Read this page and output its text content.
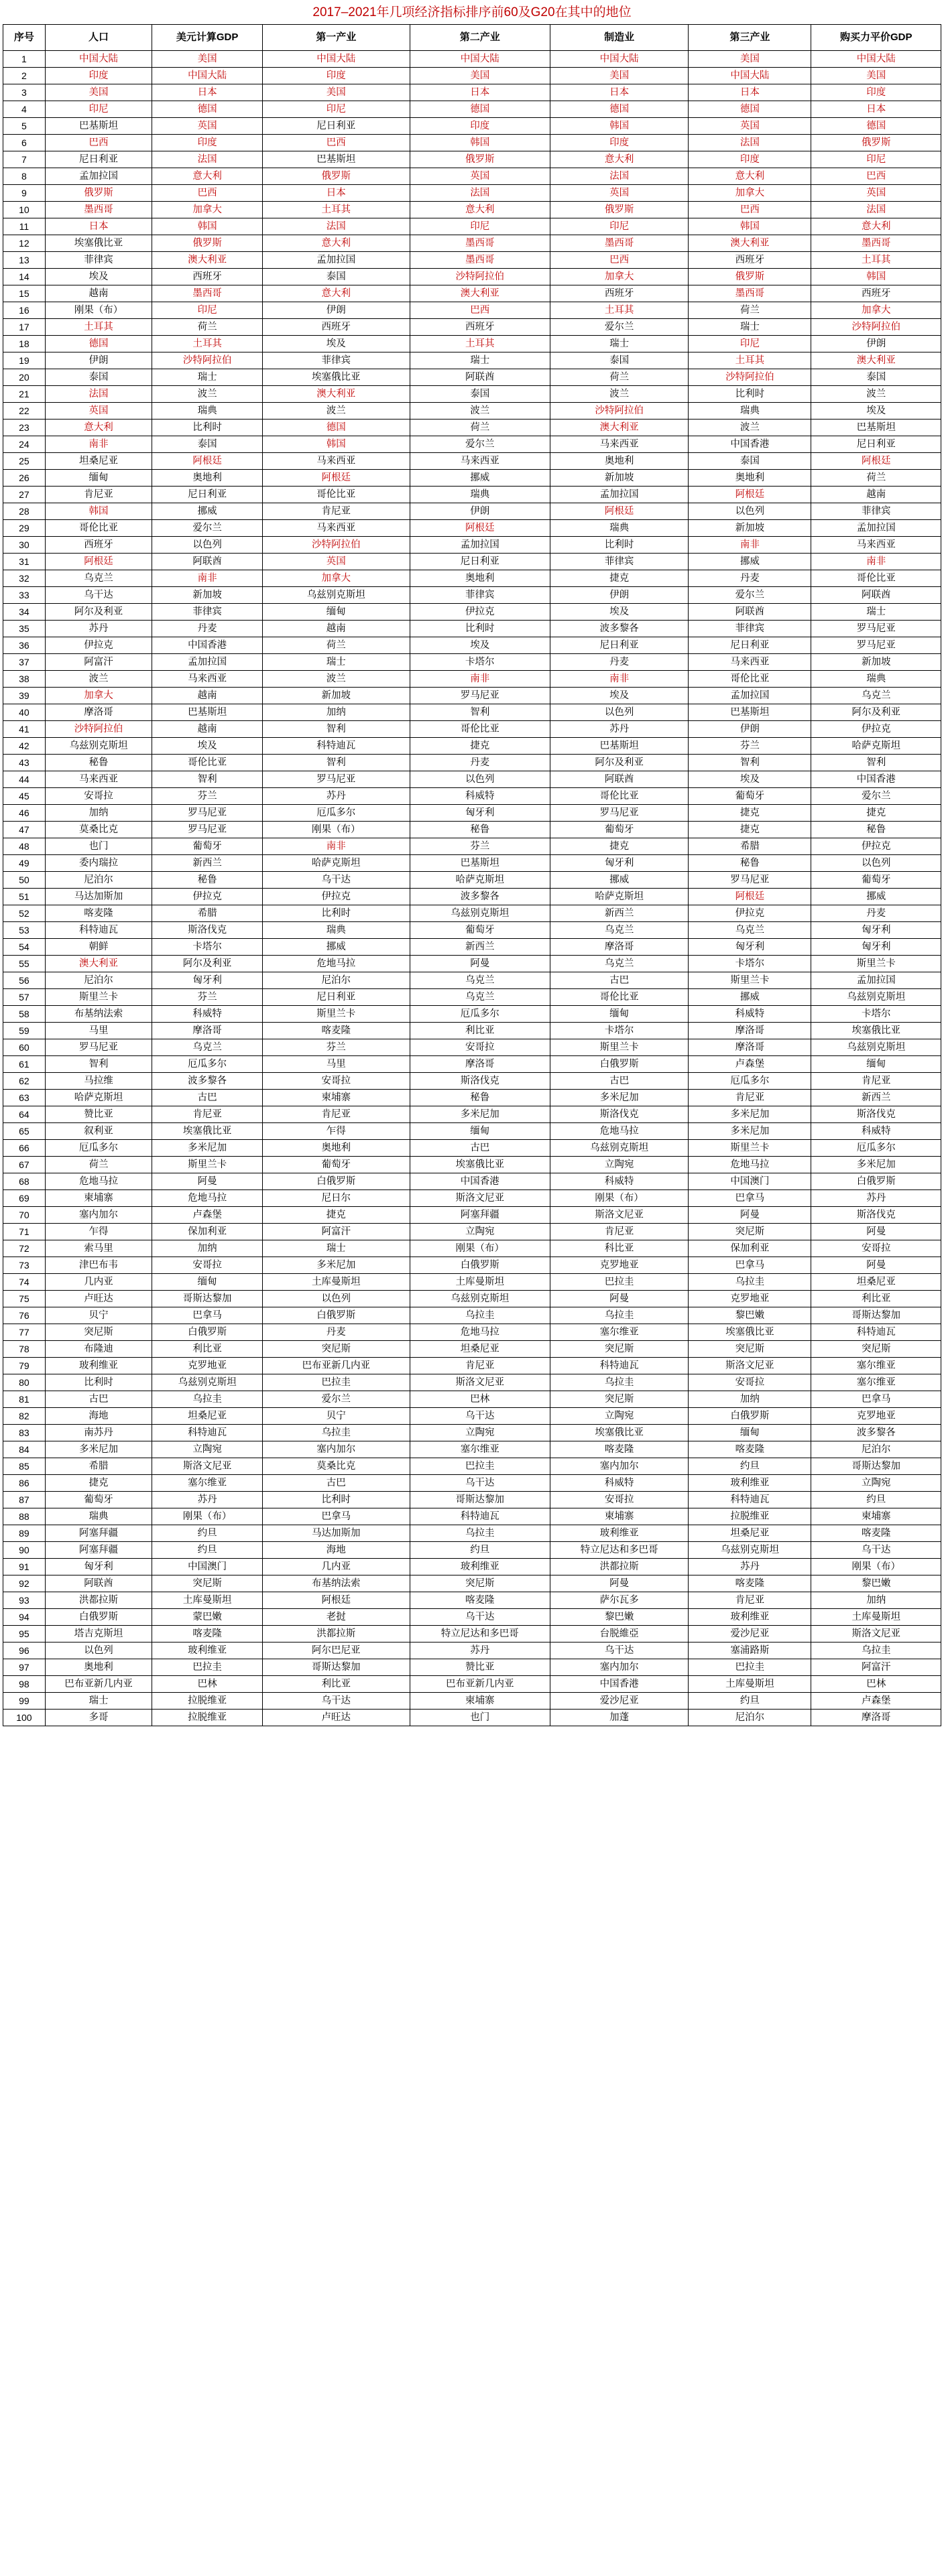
2017–2021年几项经济指标排序前60及G20在其中的地位
序号	人口	美元计算GDP	第一产业	第二产业	制造业	第三产业	购买力平价GDP
1	中国大陆	美国	中国大陆	中国大陆	中国大陆	美国	中国大陆
2	印度	中国大陆	印度	美国	美国	中国大陆	美国
3	美国	日本	美国	日本	日本	日本	印度
4	印尼	德国	印尼	德国	德国	德国	日本
5	巴基斯坦	英国	尼日利亚	印度	韩国	英国	德国
6	巴西	印度	巴西	韩国	印度	法国	俄罗斯
7	尼日利亚	法国	巴基斯坦	俄罗斯	意大利	印度	印尼
8	孟加拉国	意大利	俄罗斯	英国	法国	意大利	巴西
9	俄罗斯	巴西	日本	法国	英国	加拿大	英国
10	墨西哥	加拿大	土耳其	意大利	俄罗斯	巴西	法国
11	日本	韩国	法国	印尼	印尼	韩国	意大利
12	埃塞俄比亚	俄罗斯	意大利	墨西哥	墨西哥	澳大利亚	墨西哥
13	菲律宾	澳大利亚	孟加拉国	墨西哥	巴西	西班牙	土耳其
14	埃及	西班牙	泰国	沙特阿拉伯	加拿大	俄罗斯	韩国
15	越南	墨西哥	意大利	澳大利亚	西班牙	墨西哥	西班牙
16	刚果（布）	印尼	伊朗	巴西	土耳其	荷兰	加拿大
17	土耳其	荷兰	西班牙	西班牙	爱尔兰	瑞士	沙特阿拉伯
18	德国	土耳其	埃及	土耳其	瑞士	印尼	伊朗
19	伊朗	沙特阿拉伯	菲律宾	瑞士	泰国	土耳其	澳大利亚
20	泰国	瑞士	埃塞俄比亚	阿联酋	荷兰	沙特阿拉伯	泰国
21	法国	波兰	澳大利亚	泰国	波兰	比利时	波兰
22	英国	瑞典	波兰	波兰	沙特阿拉伯	瑞典	埃及
23	意大利	比利时	德国	荷兰	澳大利亚	波兰	巴基斯坦
24	南非	泰国	韩国	爱尔兰	马来西亚	中国香港	尼日利亚
25	坦桑尼亚	阿根廷	马来西亚	马来西亚	奥地利	泰国	阿根廷
26	缅甸	奥地利	阿根廷	挪威	新加坡	奥地利	荷兰
27	肯尼亚	尼日利亚	哥伦比亚	瑞典	孟加拉国	阿根廷	越南
28	韩国	挪威	肯尼亚	伊朗	阿根廷	以色列	菲律宾
29	哥伦比亚	爱尔兰	马来西亚	阿根廷	瑞典	新加坡	孟加拉国
30	西班牙	以色列	沙特阿拉伯	孟加拉国	比利时	南非	马来西亚
31	阿根廷	阿联酋	英国	尼日利亚	菲律宾	挪威	南非
32	乌克兰	南非	加拿大	奥地利	捷克	丹麦	哥伦比亚
33	乌干达	新加坡	乌兹别克斯坦	菲律宾	伊朗	爱尔兰	阿联酋
34	阿尔及利亚	菲律宾	缅甸	伊拉克	埃及	阿联酋	瑞士
35	苏丹	丹麦	越南	比利时	波多黎各	菲律宾	罗马尼亚
36	伊拉克	中国香港	荷兰	埃及	尼日利亚	尼日利亚	罗马尼亚
37	阿富汗	孟加拉国	瑞士	卡塔尔	丹麦	马来西亚	新加坡
38	波兰	马来西亚	波兰	南非	南非	哥伦比亚	瑞典
39	加拿大	越南	新加坡	罗马尼亚	埃及	孟加拉国	乌克兰
40	摩洛哥	巴基斯坦	加纳	智利	以色列	巴基斯坦	阿尔及利亚
41	沙特阿拉伯	越南	智利	哥伦比亚	苏丹	伊朗	伊拉克
42	乌兹别克斯坦	埃及	科特迪瓦	捷克	巴基斯坦	芬兰	哈萨克斯坦
43	秘鲁	哥伦比亚	智利	丹麦	阿尔及利亚	智利	智利
44	马来西亚	智利	罗马尼亚	以色列	阿联酋	埃及	中国香港
45	安哥拉	芬兰	苏丹	科威特	哥伦比亚	葡萄牙	爱尔兰
46	加纳	罗马尼亚	厄瓜多尔	匈牙利	罗马尼亚	捷克	捷克
47	莫桑比克	罗马尼亚	刚果（布）	秘鲁	葡萄牙	捷克	秘鲁
48	也门	葡萄牙	南非	芬兰	捷克	希腊	伊拉克
49	委内瑞拉	新西兰	哈萨克斯坦	巴基斯坦	匈牙利	秘鲁	以色列
50	尼泊尔	秘鲁	乌干达	哈萨克斯坦	挪威	罗马尼亚	葡萄牙
51	马达加斯加	伊拉克	伊拉克	波多黎各	哈萨克斯坦	阿根廷	挪威
52	喀麦隆	希腊	比利时	乌兹别克斯坦	新西兰	伊拉克	丹麦
53	科特迪瓦	斯洛伐克	瑞典	葡萄牙	乌克兰	乌克兰	匈牙利
54	朝鲜	卡塔尔	挪威	新西兰	摩洛哥	匈牙利	匈牙利
55	澳大利亚	阿尔及利亚	危地马拉	阿曼	乌克兰	卡塔尔	斯里兰卡
56	尼泊尔	匈牙利	尼泊尔	乌克兰	古巴	斯里兰卡	孟加拉国
57	斯里兰卡	芬兰	尼日利亚	乌克兰	哥伦比亚	挪威	乌兹别克斯坦
58	布基纳法索	科威特	斯里兰卡	厄瓜多尔	缅甸	科威特	卡塔尔
59	马里	摩洛哥	喀麦隆	利比亚	卡塔尔	摩洛哥	埃塞俄比亚
60	罗马尼亚	乌克兰	芬兰	安哥拉	斯里兰卡	摩洛哥	乌兹别克斯坦
61	智利	厄瓜多尔	马里	摩洛哥	白俄罗斯	卢森堡	缅甸
62	马拉维	波多黎各	安哥拉	斯洛伐克	古巴	厄瓜多尔	肯尼亚
63	哈萨克斯坦	古巴	柬埔寨	秘鲁	多米尼加	肯尼亚	新西兰
64	赞比亚	肯尼亚	肯尼亚	多米尼加	斯洛伐克	多米尼加	斯洛伐克
65	叙利亚	埃塞俄比亚	乍得	缅甸	危地马拉	多米尼加	科威特
66	厄瓜多尔	多米尼加	奥地利	古巴	乌兹别克斯坦	斯里兰卡	厄瓜多尔
67	荷兰	斯里兰卡	葡萄牙	埃塞俄比亚	立陶宛	危地马拉	多米尼加
68	危地马拉	阿曼	白俄罗斯	中国香港	科威特	中国澳门	白俄罗斯
69	柬埔寨	危地马拉	尼日尔	斯洛文尼亚	刚果（布）	巴拿马	苏丹
70	塞内加尔	卢森堡	捷克	阿塞拜疆	斯洛文尼亚	阿曼	斯洛伐克
71	乍得	保加利亚	阿富汗	立陶宛	肯尼亚	突尼斯	阿曼
72	索马里	加纳	瑞士	刚果（布）	科比亚	保加利亚	安哥拉
73	津巴布韦	安哥拉	多米尼加	白俄罗斯	克罗地亚	巴拿马	阿曼
74	几内亚	缅甸	土库曼斯坦	土库曼斯坦	巴拉圭	乌拉圭	坦桑尼亚
75	卢旺达	哥斯达黎加	以色列	乌兹别克斯坦	阿曼	克罗地亚	利比亚
76	贝宁	巴拿马	白俄罗斯	乌拉圭	乌拉圭	黎巴嫩	哥斯达黎加
77	突尼斯	白俄罗斯	丹麦	危地马拉	塞尔维亚	埃塞俄比亚	科特迪瓦
78	布隆迪	利比亚	突尼斯	坦桑尼亚	突尼斯	突尼斯	突尼斯
79	玻利维亚	克罗地亚	巴布亚新几内亚	肯尼亚	科特迪瓦	斯洛文尼亚	塞尔维亚
80	比利时	乌兹别克斯坦	巴拉圭	斯洛文尼亚	乌拉圭	安哥拉	塞尔维亚
81	古巴	乌拉圭	爱尔兰	巴林	突尼斯	加纳	巴拿马
82	海地	坦桑尼亚	贝宁	乌干达	立陶宛	白俄罗斯	克罗地亚
83	南苏丹	科特迪瓦	乌拉圭	立陶宛	埃塞俄比亚	缅甸	波多黎各
84	多米尼加	立陶宛	塞内加尔	塞尔维亚	喀麦隆	喀麦隆	尼泊尔
85	希腊	斯洛文尼亚	莫桑比克	巴拉圭	塞内加尔	约旦	哥斯达黎加
86	捷克	塞尔维亚	古巴	乌干达	科威特	玻利维亚	立陶宛
87	葡萄牙	苏丹	比利时	哥斯达黎加	安哥拉	科特迪瓦	约旦
88	瑞典	刚果（布）	巴拿马	科特迪瓦	柬埔寨	拉脱维亚	柬埔寨
89	阿塞拜疆	约旦	马达加斯加	乌拉圭	玻利维亚	坦桑尼亚	喀麦隆
90	阿塞拜疆	约旦	海地	约旦	特立尼达和多巴哥	乌兹别克斯坦	乌干达
91	匈牙利	中国澳门	几内亚	玻利维亚	洪都拉斯	苏丹	刚果（布）
92	阿联酋	突尼斯	布基纳法索	突尼斯	阿曼	喀麦隆	黎巴嫩
93	洪都拉斯	土库曼斯坦	阿根廷	喀麦隆	萨尔瓦多	肯尼亚	加纳
94	白俄罗斯	蒙巴嫩	老挝	乌干达	黎巴嫩	玻利维亚	土库曼斯坦
95	塔吉克斯坦	喀麦隆	洪都拉斯	特立尼达和多巴哥	台脱維亞	爱沙尼亚	斯洛文尼亚
96	以色列	玻利维亚	阿尔巴尼亚	苏丹	乌干达	塞浦路斯	乌拉圭
97	奥地利	巴拉圭	哥斯达黎加	赞比亚	塞内加尔	巴拉圭	阿富汗
98	巴布亚新几内亚	巴林	利比亚	巴布亚新几内亚	中国香港	土库曼斯坦	巴林
99	瑞士	拉脱维亚	乌干达	柬埔寨	爱沙尼亚	约旦	卢森堡
100	多哥	拉脱维亚	卢旺达	也门	加蓬	尼泊尔	摩洛哥
